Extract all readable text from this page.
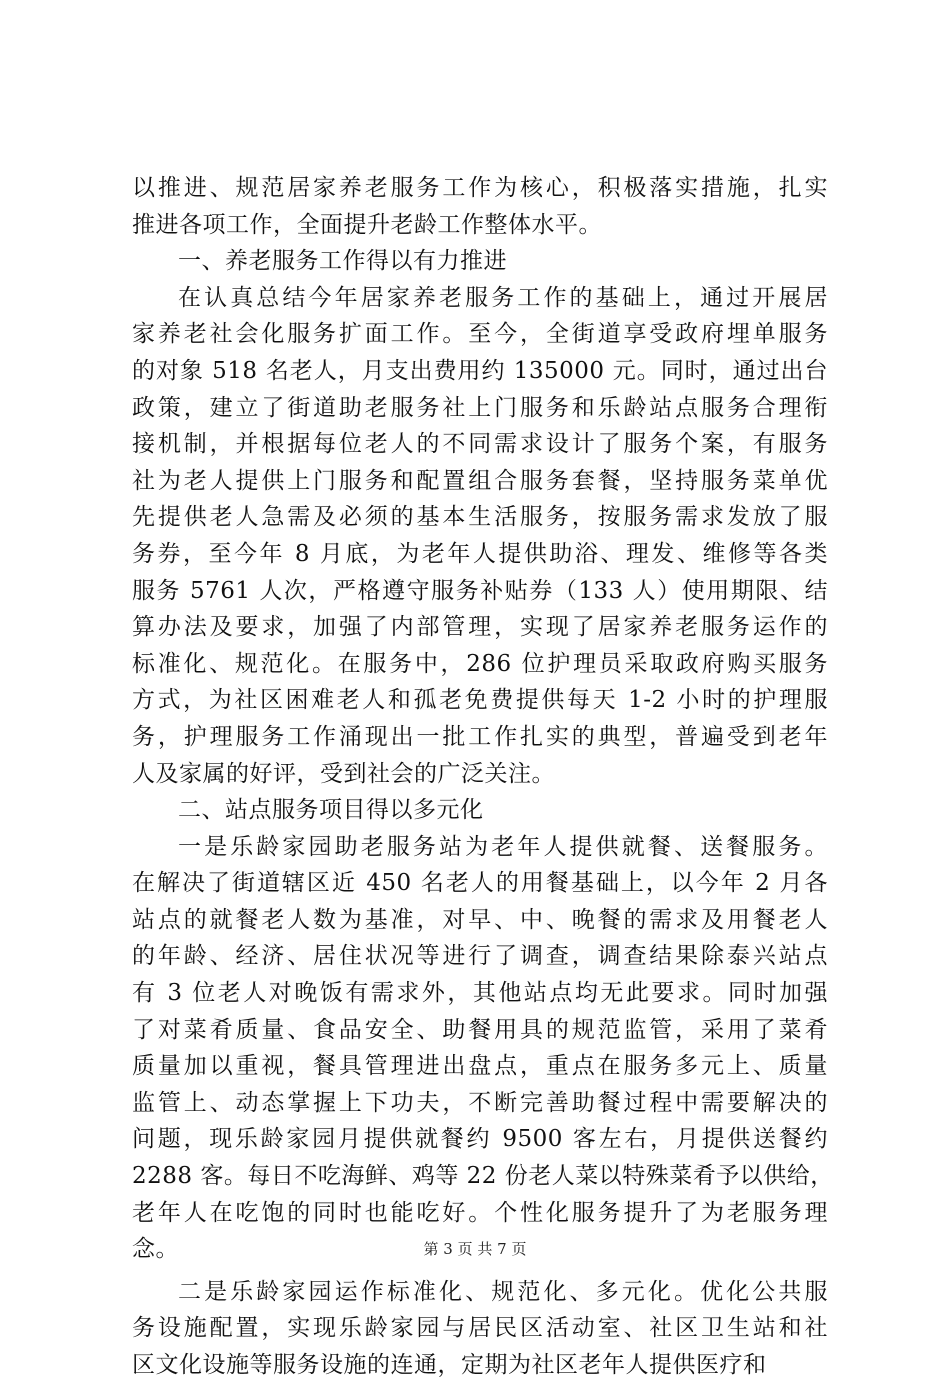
以推进、规范居家养老服务工作为核心，积极落实措施，扎实
推进各项工作，全面提升老龄工作整体水平。
一、养老服务工作得以有力推进
在认真总结今年居家养老服务工作的基础上，通过开展居
家养老社会化服务扩面工作。至今，全街道享受政府埋单服务
的对象 518 名老人，月支出费用约 135000 元。同时，通过出台
政策，建立了街道助老服务社上门服务和乐龄站点服务合理衔
接机制，并根据每位老人的不同需求设计了服务个案，有服务
社为老人提供上门服务和配置组合服务套餐，坚持服务菜单优
先提供老人急需及必须的基本生活服务，按服务需求发放了服
务券，至今年 8 月底，为老年人提供助浴、理发、维修等各类
服务 5761 人次，严格遵守服务补贴券（133 人）使用期限、结
算办法及要求，加强了内部管理，实现了居家养老服务运作的
标准化、规范化。在服务中，286 位护理员采取政府购买服务
方式，为社区困难老人和孤老免费提供每天 1-2 小时的护理服
务，护理服务工作涌现出一批工作扎实的典型，普遍受到老年
人及家属的好评，受到社会的广泛关注。
二、站点服务项目得以多元化
一是乐龄家园助老服务站为老年人提供就餐、送餐服务。
在解决了街道辖区近 450 名老人的用餐基础上，以今年 2 月各
站点的就餐老人数为基准，对早、中、晚餐的需求及用餐老人
的年龄、经济、居住状况等进行了调查，调查结果除泰兴站点
有 3 位老人对晚饭有需求外，其他站点均无此要求。同时加强
了对菜肴质量、食品安全、助餐用具的规范监管，采用了菜肴
质量加以重视，餐具管理进出盘点，重点在服务多元上、质量
监管上、动态掌握上下功夫，不断完善助餐过程中需要解决的
问题，现乐龄家园月提供就餐约 9500 客左右，月提供送餐约
2288 客。每日不吃海鲜、鸡等 22 份老人菜以特殊菜肴予以供给，
老年人在吃饱的同时也能吃好。个性化服务提升了为老服务理
念。
二是乐龄家园运作标准化、规范化、多元化。优化公共服
务设施配置，实现乐龄家园与居民区活动室、社区卫生站和社
区文化设施等服务设施的连通，定期为社区老年人提供医疗和
第 3 页 共 7 页
